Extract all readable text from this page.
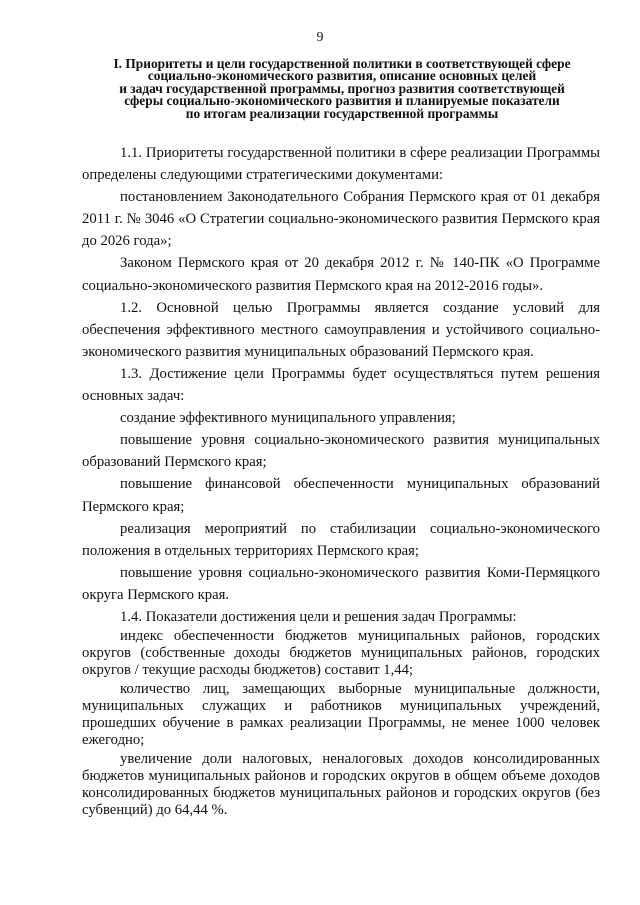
9
I. Приоритеты и цели государственной политики в соответствующей сфере
социально-экономического развития, описание основных целей
и задач государственной программы, прогноз развития соответствующей
сферы социально-экономического развития и планируемые показатели
по итогам реализации государственной программы

1.1. Приоритеты государственной политики в сфере реализации Программы определены следующими стратегическими документами:

постановлением Законодательного Собрания Пермского края от 01 декабря 2011 г. № 3046 «О Стратегии социально-экономического развития Пермского края до 2026 года»;

Законом Пермского края от 20 декабря 2012 г. № 140-ПК «О Программе социально-экономического развития Пермского края на 2012-2016 годы».

1.2. Основной целью Программы является создание условий для обеспечения эффективного местного самоуправления и устойчивого социально-экономического развития муниципальных образований Пермского края.

1.3. Достижение цели Программы будет осуществляться путем решения основных задач:

создание эффективного муниципального управления;

повышение уровня социально-экономического развития муниципальных образований Пермского края;

повышение финансовой обеспеченности муниципальных образований Пермского края;

реализация мероприятий по стабилизации социально-экономического положения в отдельных территориях Пермского края;

повышение уровня социально-экономического развития Коми-Пермяцкого округа Пермского края.

1.4. Показатели достижения цели и решения задач Программы:

индекс обеспеченности бюджетов муниципальных районов, городских округов (собственные доходы бюджетов муниципальных районов, городских округов / текущие расходы бюджетов) составит 1,44;

количество лиц, замещающих выборные муниципальные должности, муниципальных служащих и работников муниципальных учреждений, прошедших обучение в рамках реализации Программы, не менее 1000 человек ежегодно;

увеличение доли налоговых, неналоговых доходов консолидированных бюджетов муниципальных районов и городских округов в общем объеме доходов консолидированных бюджетов муниципальных районов и городских округов (без субвенций) до 64,44 %.
